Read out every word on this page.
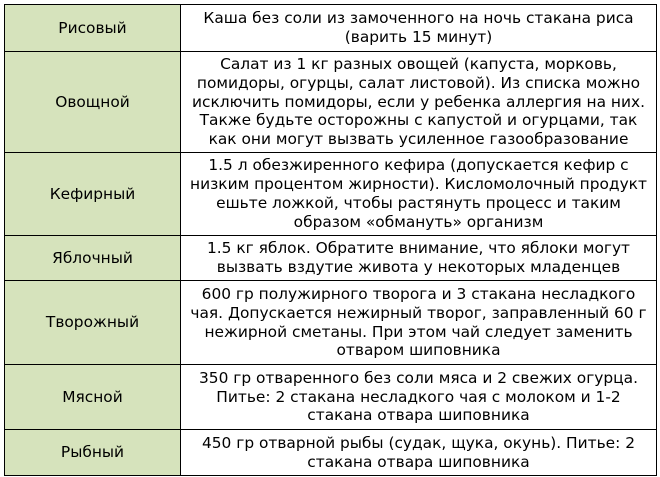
Рисовый	Каша без соли из замоченного на ночь стакана риса (варить 15 минут)
Овощной	Салат из 1 кг разных овощей (капуста, морковь, помидоры, огурцы, салат листовой). Из списка можно исключить помидоры, если у ребенка аллергия на них. Также будьте осторожны с капустой и огурцами, так как они могут вызвать усиленное газообразование
Кефирный	1.5 л обезжиренного кефира (допускается кефир с низким процентом жирности). Кисломолочный продукт ешьте ложкой, чтобы растянуть процесс и таким образом «обмануть» организм
Яблочный	1.5 кг яблок. Обратите внимание, что яблоки могут вызвать вздутие живота у некоторых младенцев
Творожный	600 гр полужирного творога и 3 стакана несладкого чая. Допускается нежирный творог, заправленный 60 г нежирной сметаны. При этом чай следует заменить отваром шиповника
Мясной	350 гр отваренного без соли мяса и 2 свежих огурца. Питье: 2 стакана несладкого чая с молоком и 1-2 стакана отвара шиповника
Рыбный	450 гр отварной рыбы (судак, щука, окунь). Питье: 2 стакана отвара шиповника
